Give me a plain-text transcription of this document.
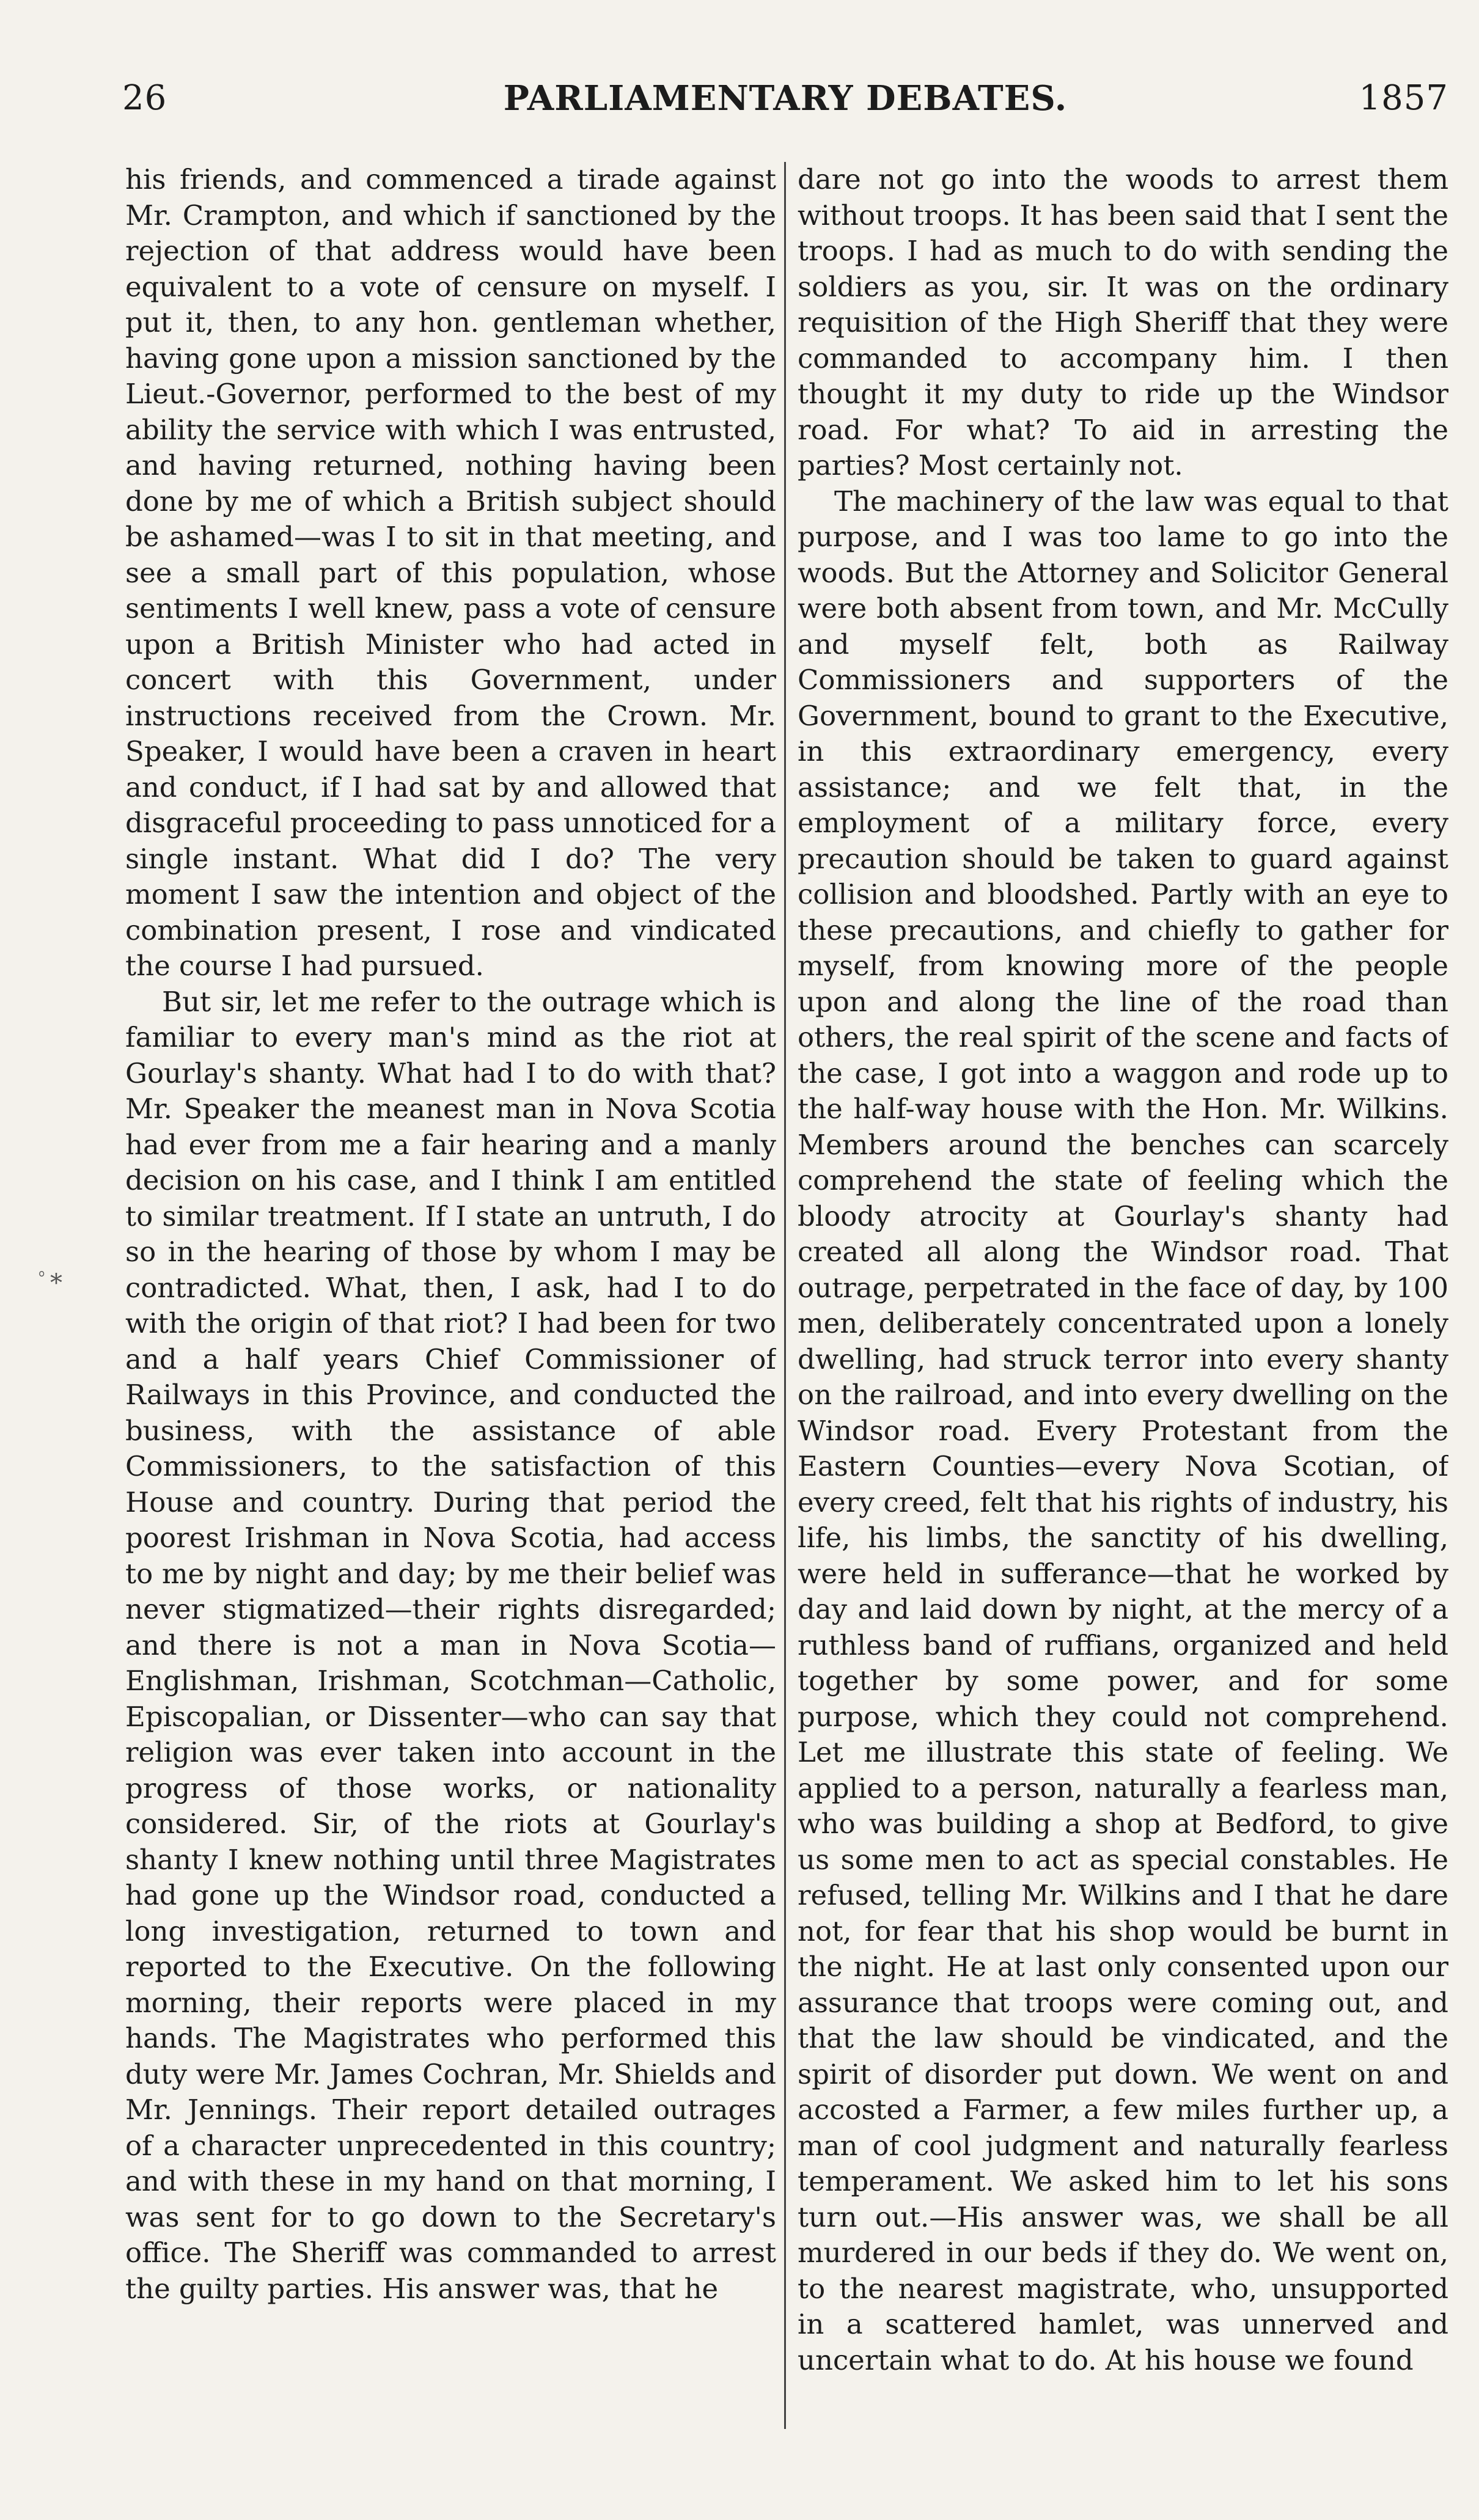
26	PARLIAMENTARY DEBATES.	1857
ﾟ*

his friends, and commenced a tirade against Mr. Crampton, and which if sanctioned by the rejection of that address would have been equivalent to a vote of censure on myself. I put it, then, to any hon. gentleman whether, having gone upon a mission sanctioned by the Lieut.-Governor, performed to the best of my ability the service with which I was entrusted, and having returned, nothing having been done by me of which a British subject should be ashamed—was I to sit in that meeting, and see a small part of this population, whose sentiments I well knew, pass a vote of censure upon a British Minister who had acted in concert with this Government, under instructions received from the Crown. Mr. Speaker, I would have been a craven in heart and conduct, if I had sat by and allowed that disgraceful proceeding to pass unnoticed for a single instant. What did I do? The very moment I saw the intention and object of the combination present, I rose and vindicated the course I had pursued.

But sir, let me refer to the outrage which is familiar to every man's mind as the riot at Gourlay's shanty. What had I to do with that? Mr. Speaker the meanest man in Nova Scotia had ever from me a fair hearing and a manly decision on his case, and I think I am entitled to similar treatment. If I state an untruth, I do so in the hearing of those by whom I may be contradicted. What, then, I ask, had I to do with the origin of that riot? I had been for two and a half years Chief Commissioner of Railways in this Province, and conducted the business, with the assistance of able Commissioners, to the satisfaction of this House and country. During that period the poorest Irishman in Nova Scotia, had access to me by night and day; by me their belief was never stigmatized—their rights disregarded; and there is not a man in Nova Scotia—Englishman, Irishman, Scotchman—Catholic, Episcopalian, or Dissenter—who can say that religion was ever taken into account in the progress of those works, or nationality considered. Sir, of the riots at Gourlay's shanty I knew nothing until three Magistrates had gone up the Windsor road, conducted a long investigation, returned to town and reported to the Executive. On the following morning, their reports were placed in my hands. The Magistrates who performed this duty were Mr. James Cochran, Mr. Shields and Mr. Jennings. Their report detailed outrages of a character unprecedented in this country; and with these in my hand on that morning, I was sent for to go down to the Secretary's office. The Sheriff was commanded to arrest the guilty parties. His answer was, that he

dare not go into the woods to arrest them without troops. It has been said that I sent the troops. I had as much to do with sending the soldiers as you, sir. It was on the ordinary requisition of the High Sheriff that they were commanded to accompany him. I then thought it my duty to ride up the Windsor road. For what? To aid in arresting the parties? Most certainly not.

The machinery of the law was equal to that purpose, and I was too lame to go into the woods. But the Attorney and Solicitor General were both absent from town, and Mr. McCully and myself felt, both as Railway Commissioners and supporters of the Government, bound to grant to the Executive, in this extraordinary emergency, every assistance; and we felt that, in the employment of a military force, every precaution should be taken to guard against collision and bloodshed. Partly with an eye to these precautions, and chiefly to gather for myself, from knowing more of the people upon and along the line of the road than others, the real spirit of the scene and facts of the case, I got into a waggon and rode up to the half-way house with the Hon. Mr. Wilkins. Members around the benches can scarcely comprehend the state of feeling which the bloody atrocity at Gourlay's shanty had created all along the Windsor road. That outrage, perpetrated in the face of day, by 100 men, deliberately concentrated upon a lonely dwelling, had struck terror into every shanty on the railroad, and into every dwelling on the Windsor road. Every Protestant from the Eastern Counties—every Nova Scotian, of every creed, felt that his rights of industry, his life, his limbs, the sanctity of his dwelling, were held in sufferance—that he worked by day and laid down by night, at the mercy of a ruthless band of ruffians, organized and held together by some power, and for some purpose, which they could not comprehend. Let me illustrate this state of feeling. We applied to a person, naturally a fearless man, who was building a shop at Bedford, to give us some men to act as special constables. He refused, telling Mr. Wilkins and I that he dare not, for fear that his shop would be burnt in the night. He at last only consented upon our assurance that troops were coming out, and that the law should be vindicated, and the spirit of disorder put down. We went on and accosted a Farmer, a few miles further up, a man of cool judgment and naturally fearless temperament. We asked him to let his sons turn out.—His answer was, we shall be all murdered in our beds if they do. We went on, to the nearest magistrate, who, unsupported in a scattered hamlet, was unnerved and uncertain what to do. At his house we found
